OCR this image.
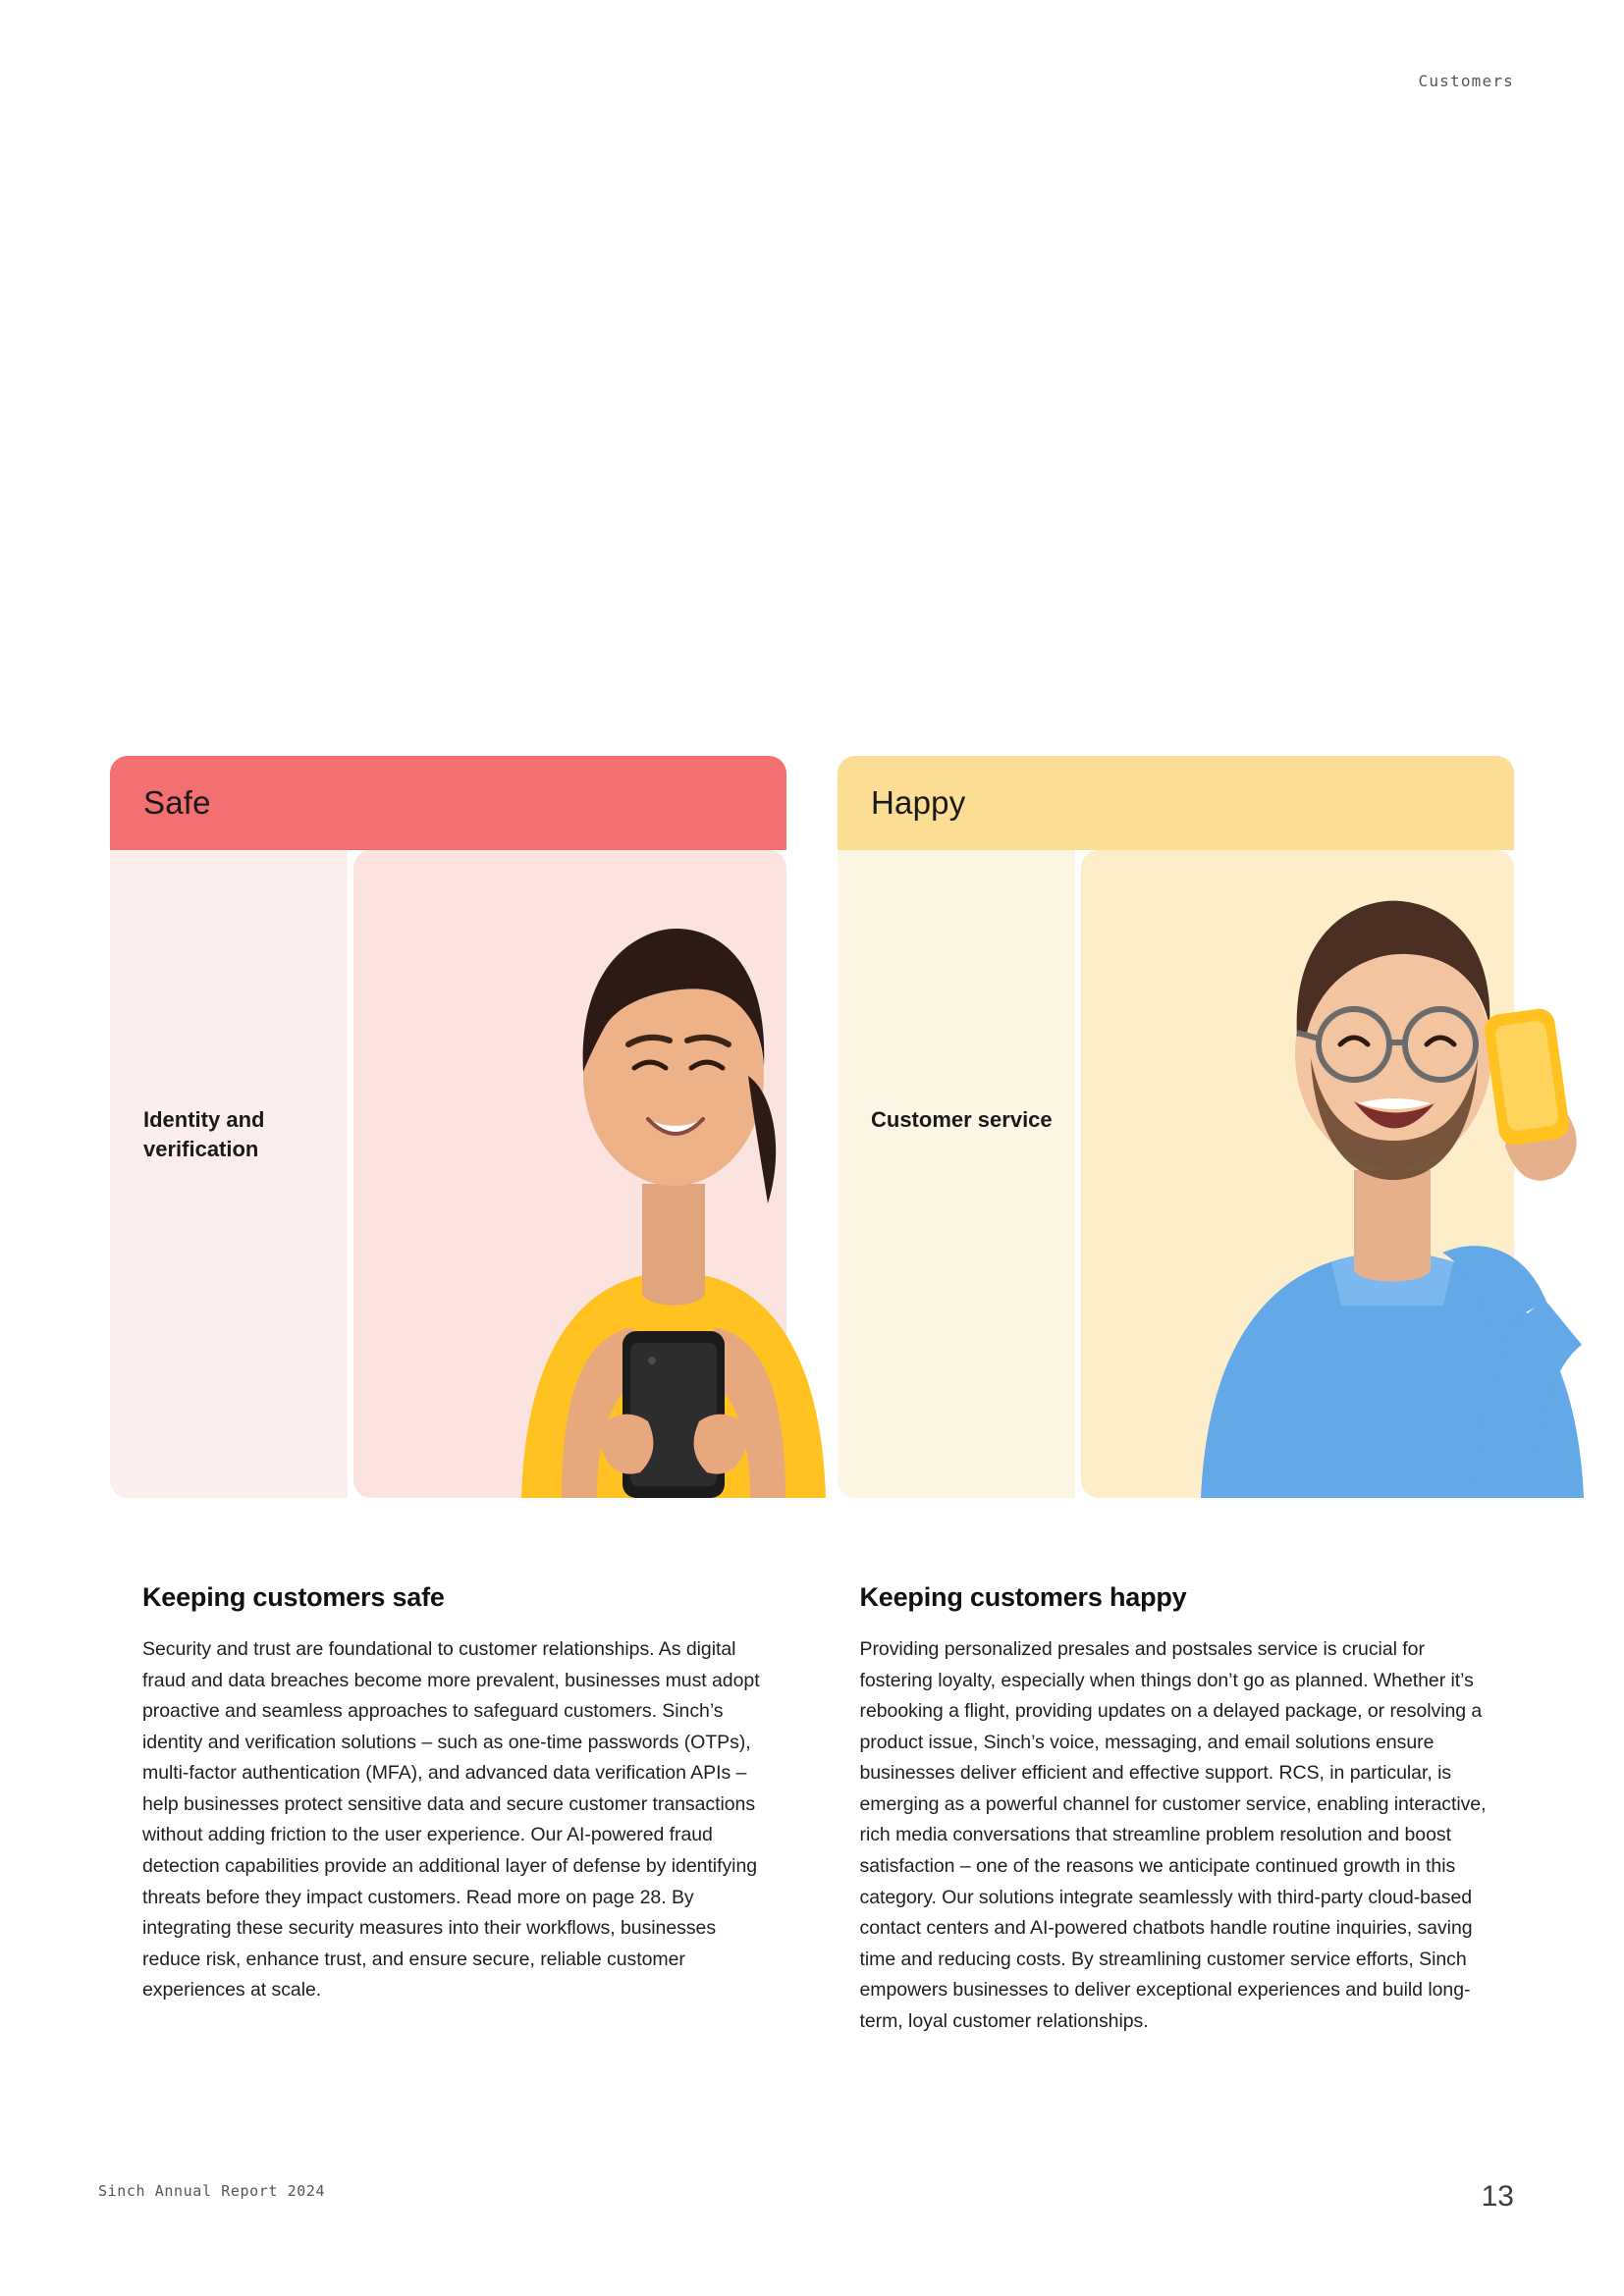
Customers
Safe
Identity and verification
Happy
Customer service
Keeping customers safe

Security and trust are foundational to customer relationships. As digital fraud and data breaches become more prevalent, businesses must adopt proactive and seamless approaches to safeguard customers. Sinch’s identity and verification solutions – such as one-time passwords (OTPs), multi-factor authentication (MFA), and advanced data verification APIs – help businesses protect sensitive data and secure customer transactions without adding friction to the user experience. Our AI-powered fraud detection capabilities provide an additional layer of defense by identifying threats before they impact customers. Read more on page 28. By integrating these security measures into their workflows, businesses reduce risk, enhance trust, and ensure secure, reliable customer experiences at scale.

Keeping customers happy

Providing personalized presales and postsales service is crucial for fostering loyalty, especially when things don’t go as planned. Whether it’s rebooking a flight, providing updates on a delayed package, or resolving a product issue, Sinch’s voice, messaging, and email solutions ensure businesses deliver efficient and effective support. RCS, in particular, is emerging as a powerful channel for customer service, enabling interactive, rich media conversations that streamline problem resolution and boost satisfaction – one of the reasons we anticipate continued growth in this category. Our solutions integrate seamlessly with third-party cloud-based contact centers and AI-powered chatbots handle routine inquiries, saving time and reducing costs. By streamlining customer service efforts, Sinch empowers businesses to deliver exceptional experiences and build long-term, loyal customer relationships.

Sinch Annual Report 2024	13
